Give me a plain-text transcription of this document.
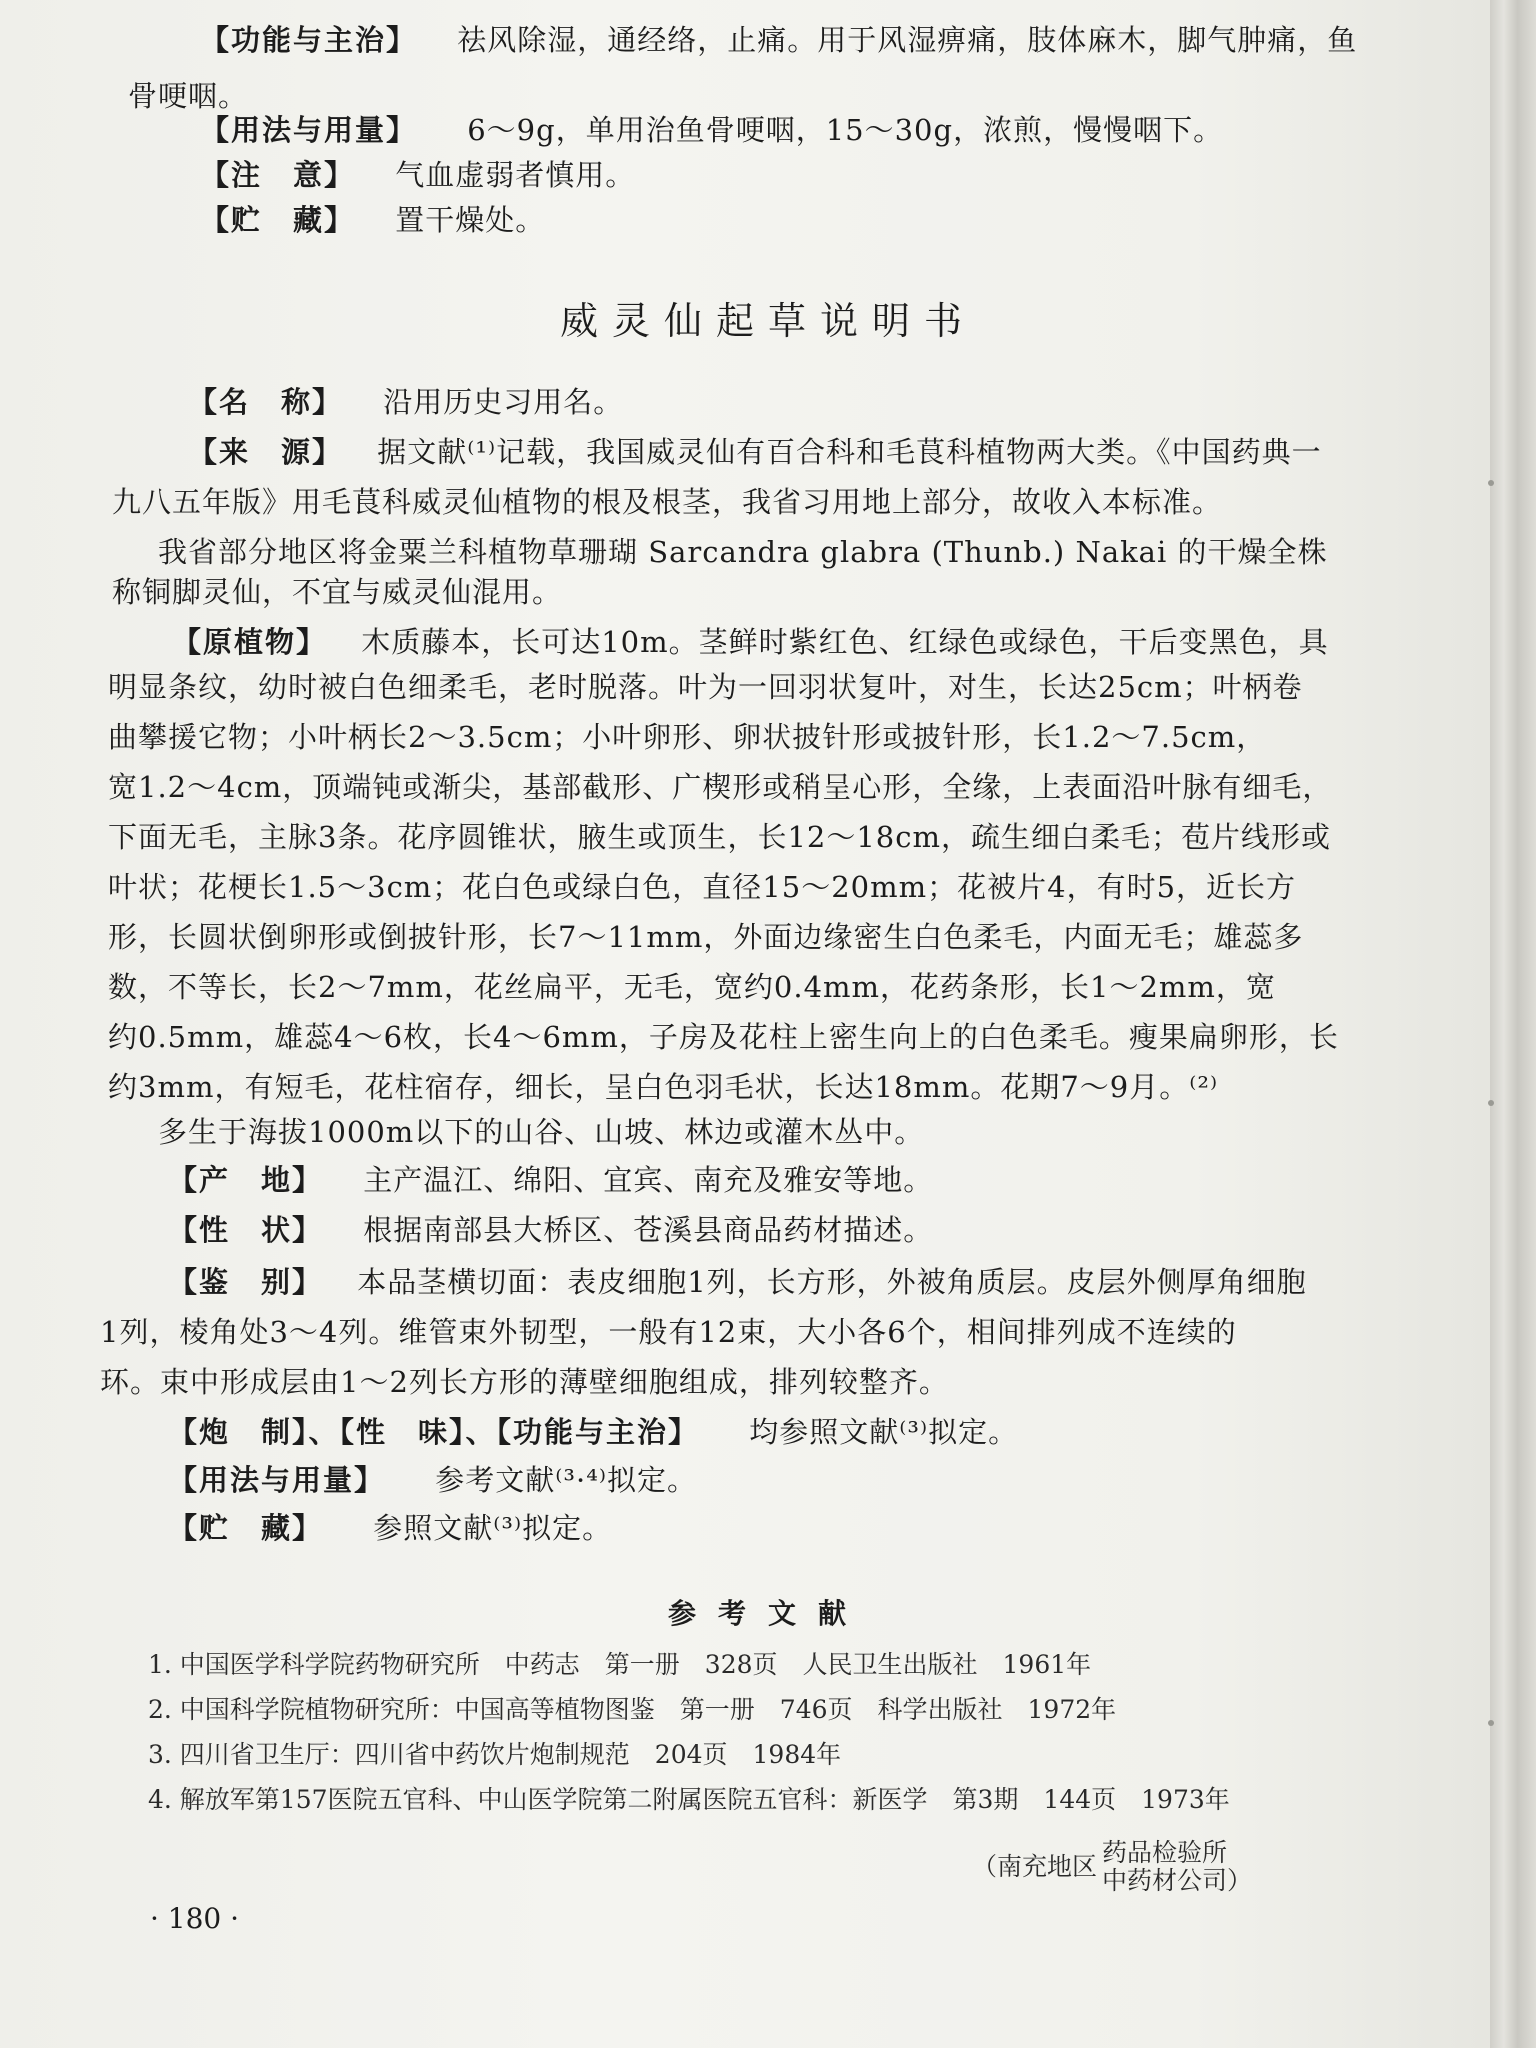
【功能与主治】 祛风除湿，通经络，止痛。用于风湿痹痛，肢体麻木，脚气肿痛，鱼
骨哽咽。
【用法与用量】 6～9g，单用治鱼骨哽咽，15～30g，浓煎，慢慢咽下。
【注　意】 气血虚弱者慎用。
【贮　藏】 置干燥处。
威灵仙起草说明书
【名　称】 沿用历史习用名。
【来　源】 据文献⁽¹⁾记载，我国威灵仙有百合科和毛茛科植物两大类。《中国药典一
九八五年版》用毛茛科威灵仙植物的根及根茎，我省习用地上部分，故收入本标准。
我省部分地区将金粟兰科植物草珊瑚 Sarcandra glabra (Thunb.) Nakai 的干燥全株
称铜脚灵仙，不宜与威灵仙混用。
【原植物】 木质藤本，长可达10m。茎鲜时紫红色、红绿色或绿色，干后变黑色，具
明显条纹，幼时被白色细柔毛，老时脱落。叶为一回羽状复叶，对生，长达25cm；叶柄卷
曲攀援它物；小叶柄长2～3.5cm；小叶卵形、卵状披针形或披针形，长1.2～7.5cm，
宽1.2～4cm，顶端钝或渐尖，基部截形、广楔形或稍呈心形，全缘，上表面沿叶脉有细毛，
下面无毛，主脉3条。花序圆锥状，腋生或顶生，长12～18cm，疏生细白柔毛；苞片线形或
叶状；花梗长1.5～3cm；花白色或绿白色，直径15～20mm；花被片4，有时5，近长方
形，长圆状倒卵形或倒披针形，长7～11mm，外面边缘密生白色柔毛，内面无毛；雄蕊多
数，不等长，长2～7mm，花丝扁平，无毛，宽约0.4mm，花药条形，长1～2mm，宽
约0.5mm，雄蕊4～6枚，长4～6mm，子房及花柱上密生向上的白色柔毛。瘦果扁卵形，长
约3mm，有短毛，花柱宿存，细长，呈白色羽毛状，长达18mm。花期7～9月。⁽²⁾
多生于海拔1000m以下的山谷、山坡、林边或灌木丛中。
【产　地】 主产温江、绵阳、宜宾、南充及雅安等地。
【性　状】 根据南部县大桥区、苍溪县商品药材描述。
【鉴　别】 本品茎横切面：表皮细胞1列，长方形，外被角质层。皮层外侧厚角细胞
1列，棱角处3～4列。维管束外韧型，一般有12束，大小各6个，相间排列成不连续的
环。束中形成层由1～2列长方形的薄壁细胞组成，排列较整齐。
【炮　制】、【性　味】、【功能与主治】 均参照文献⁽³⁾拟定。
【用法与用量】 参考文献⁽³·⁴⁾拟定。
【贮　藏】 参照文献⁽³⁾拟定。
参考文献
1. 中国医学科学院药物研究所　中药志　第一册　328页　人民卫生出版社　1961年
2. 中国科学院植物研究所：中国高等植物图鉴　第一册　746页　科学出版社　1972年
3. 四川省卫生厅：四川省中药饮片炮制规范　204页　1984年
4. 解放军第157医院五官科、中山医学院第二附属医院五官科：新医学　第3期　144页　1973年
（南充地区 药品检验所
中药材公司）
· 180 ·
